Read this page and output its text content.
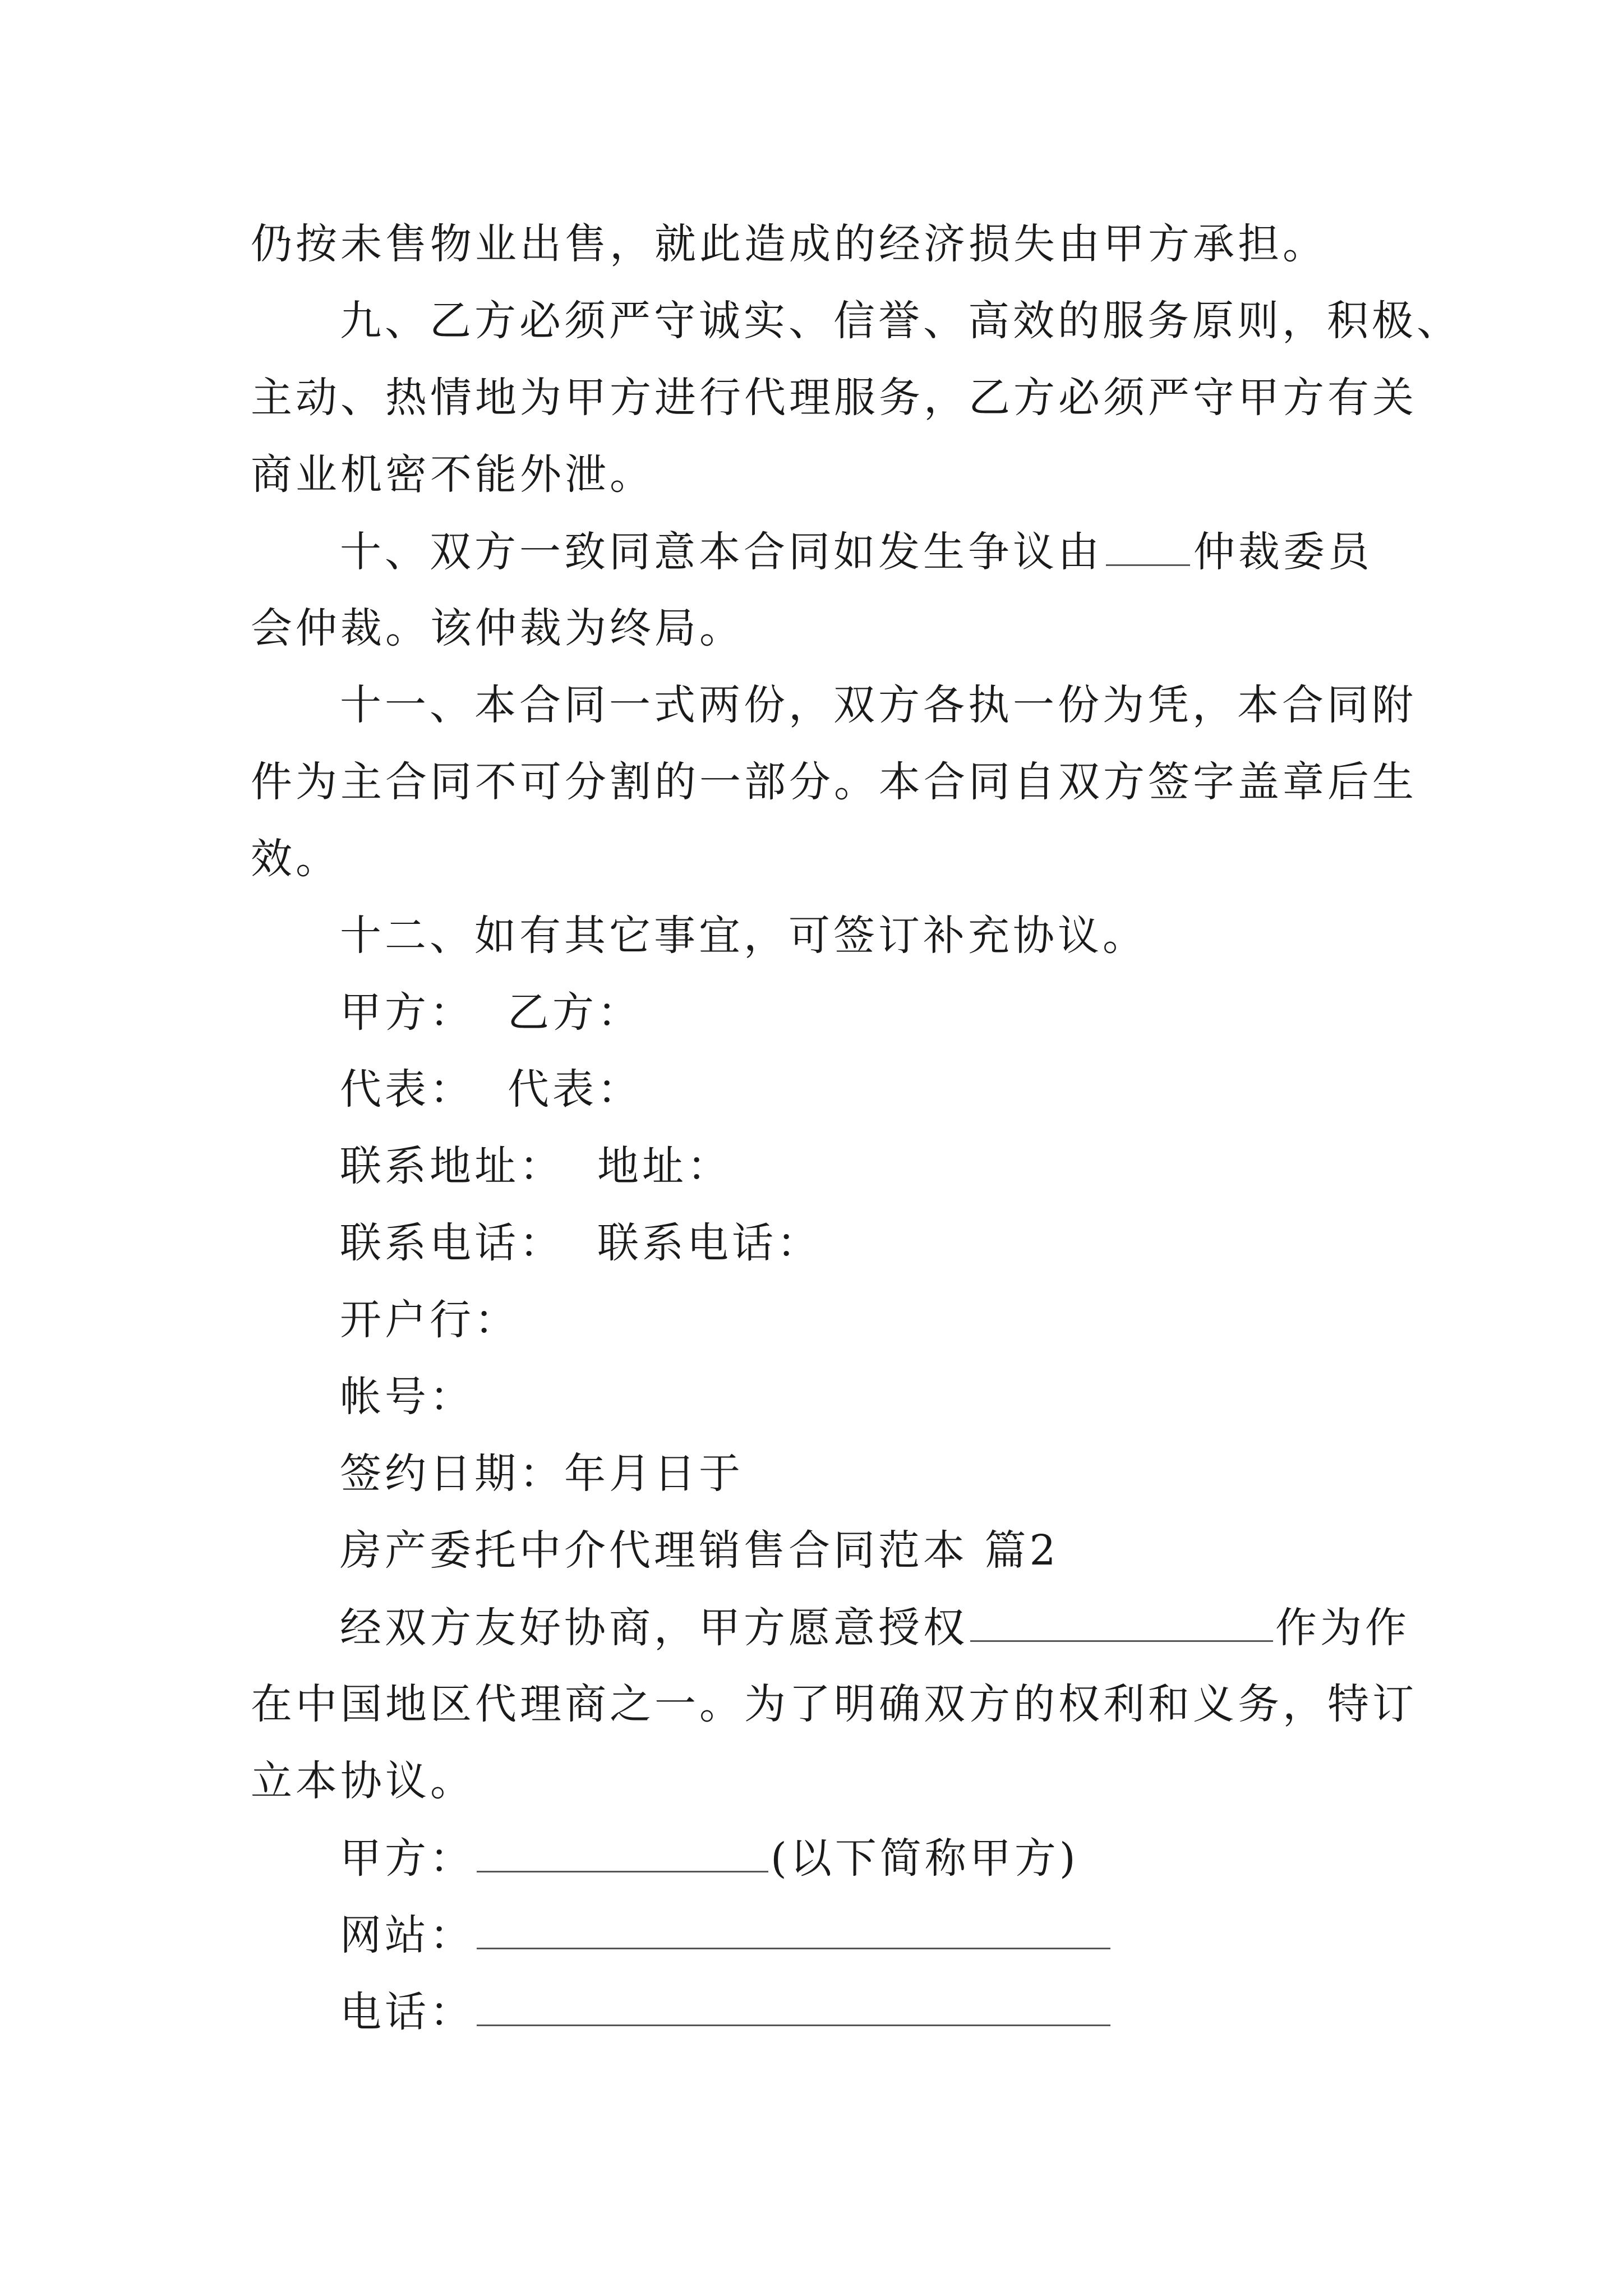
仍按未售物业出售，就此造成的经济损失由甲方承担。
九、乙方必须严守诚实、信誉、高效的服务原则，积极、
主动、热情地为甲方进行代理服务，乙方必须严守甲方有关
商业机密不能外泄。
十、双方一致同意本合同如发生争议由 仲裁委员
会仲裁。该仲裁为终局。
十一、本合同一式两份，双方各执一份为凭，本合同附
件为主合同不可分割的一部分。本合同自双方签字盖章后生
效。
十二、如有其它事宜，可签订补充协议。
甲方： 乙方：
代表： 代表：
联系地址： 地址：
联系电话： 联系电话：
开户行：
帐号：
签约日期：年月日于
房产委托中介代理销售合同范本 篇2
经双方友好协商，甲方愿意授权	作为作
在中国地区代理商之一。为了明确双方的权利和义务，特订
立本协议。
甲方：	(以下简称甲方)
网站：
电话：
